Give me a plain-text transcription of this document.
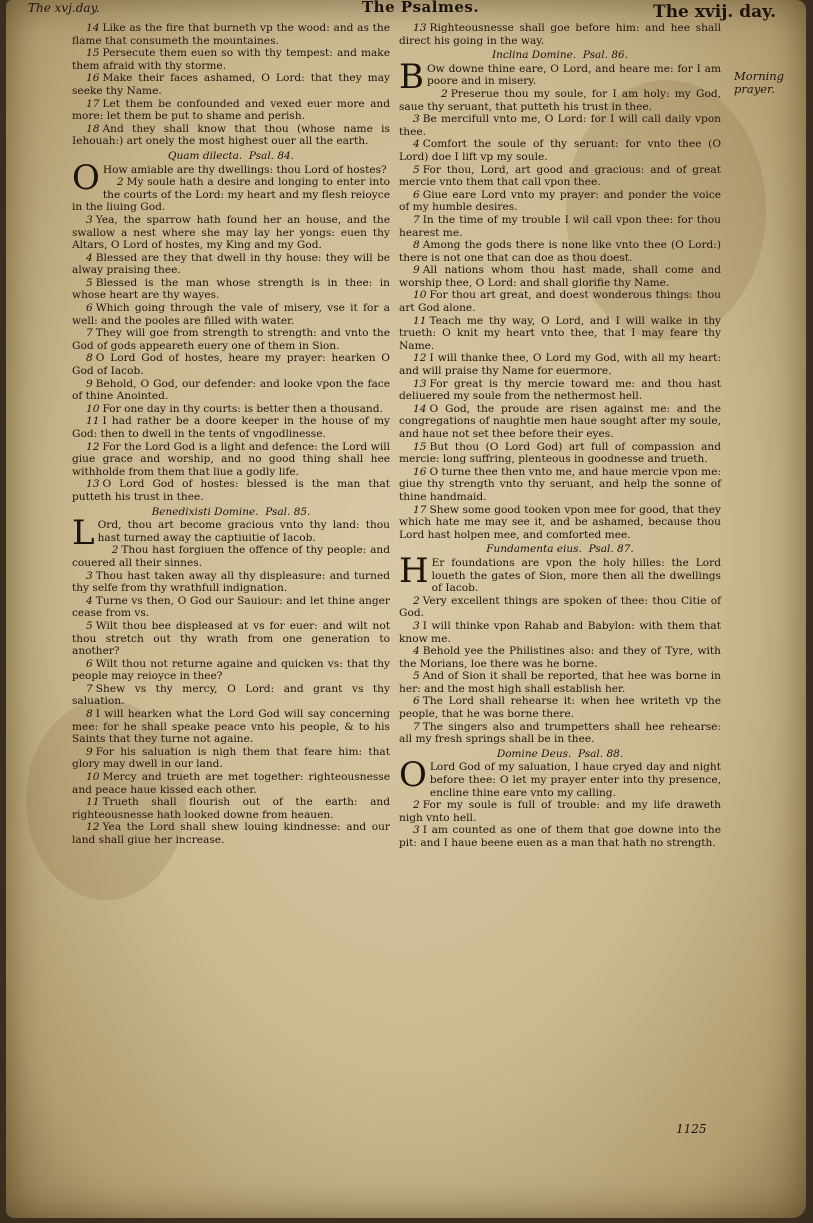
The xvj.day.	The Psalmes.	The xvij. day.
Morning prayer.

14 Like as the fire that burneth vp the wood: and as the flame that consumeth the mountaines.

15 Persecute them euen so with thy tempest: and make them afraid with thy storme.

16 Make their faces ashamed, O Lord: that they may seeke thy Name.

17 Let them be confounded and vexed euer more and more: let them be put to shame and perish.

18 And they shall know that thou (whose name is Iehouah:) art onely the most highest ouer all the earth.

Quam dilecta. Psal. 84.

O How amiable are thy dwellings: thou Lord of hostes?

2 My soule hath a desire and longing to enter into the courts of the Lord: my heart and my flesh reioyce in the liuing God.

3 Yea, the sparrow hath found her an house, and the swallow a nest where she may lay her yongs: euen thy Altars, O Lord of hostes, my King and my God.

4 Blessed are they that dwell in thy house: they will be alway praising thee.

5 Blessed is the man whose strength is in thee: in whose heart are thy wayes.

6 Which going through the vale of misery, vse it for a well: and the pooles are filled with water.

7 They will goe from strength to strength: and vnto the God of gods appeareth euery one of them in Sion.

8 O Lord God of hostes, heare my prayer: hearken O God of Iacob.

9 Behold, O God, our defender: and looke vpon the face of thine Anointed.

10 For one day in thy courts: is better then a thousand.

11 I had rather be a doore keeper in the house of my God: then to dwell in the tents of vngodlinesse.

12 For the Lord God is a light and defence: the Lord will giue grace and worship, and no good thing shall hee withholde from them that liue a godly life.

13 O Lord God of hostes: blessed is the man that putteth his trust in thee.

Benedixisti Domine. Psal. 85.

L Ord, thou art become gracious vnto thy land: thou hast turned away the captiuitie of Iacob.

2 Thou hast forgiuen the offence of thy people: and couered all their sinnes.

3 Thou hast taken away all thy displeasure: and turned thy selfe from thy wrathfull indignation.

4 Turne vs then, O God our Sauiour: and let thine anger cease from vs.

5 Wilt thou bee displeased at vs for euer: and wilt not thou stretch out thy wrath from one generation to another?

6 Wilt thou not returne againe and quicken vs: that thy people may reioyce in thee?

7 Shew vs thy mercy, O Lord: and grant vs thy saluation.

8 I will hearken what the Lord God will say concerning mee: for he shall speake peace vnto his people, & to his Saints that they turne not againe.

9 For his saluation is nigh them that feare him: that glory may dwell in our land.

10 Mercy and trueth are met together: righteousnesse and peace haue kissed each other.

11 Trueth shall flourish out of the earth: and righteousnesse hath looked downe from heauen.

12 Yea the Lord shall shew louing kindnesse: and our land shall giue her increase.

13 Righteousnesse shall goe before him: and hee shall direct his going in the way.

Inclina Domine. Psal. 86.

B Ow downe thine eare, O Lord, and heare me: for I am poore and in misery.

2 Preserue thou my soule, for I am holy: my God, saue thy seruant, that putteth his trust in thee.

3 Be mercifull vnto me, O Lord: for I will call daily vpon thee.

4 Comfort the soule of thy seruant: for vnto thee (O Lord) doe I lift vp my soule.

5 For thou, Lord, art good and gracious: and of great mercie vnto them that call vpon thee.

6 Giue eare Lord vnto my prayer: and ponder the voice of my humble desires.

7 In the time of my trouble I wil call vpon thee: for thou hearest me.

8 Among the gods there is none like vnto thee (O Lord:) there is not one that can doe as thou doest.

9 All nations whom thou hast made, shall come and worship thee, O Lord: and shall glorifie thy Name.

10 For thou art great, and doest wonderous things: thou art God alone.

11 Teach me thy way, O Lord, and I will walke in thy trueth: O knit my heart vnto thee, that I may feare thy Name.

12 I will thanke thee, O Lord my God, with all my heart: and will praise thy Name for euermore.

13 For great is thy mercie toward me: and thou hast deliuered my soule from the nethermost hell.

14 O God, the proude are risen against me: and the congregations of naughtie men haue sought after my soule, and haue not set thee before their eyes.

15 But thou (O Lord God) art full of compassion and mercie: long suffring, plenteous in goodnesse and trueth.

16 O turne thee then vnto me, and haue mercie vpon me: giue thy strength vnto thy seruant, and help the sonne of thine handmaid.

17 Shew some good tooken vpon mee for good, that they which hate me may see it, and be ashamed, because thou Lord hast holpen mee, and comforted mee.

Fundamenta eius. Psal. 87.

H Er foundations are vpon the holy hilles: the Lord loueth the gates of Sion, more then all the dwellings of Iacob.

2 Very excellent things are spoken of thee: thou Citie of God.

3 I will thinke vpon Rahab and Babylon: with them that know me.

4 Behold yee the Philistines also: and they of Tyre, with the Morians, loe there was he borne.

5 And of Sion it shall be reported, that hee was borne in her: and the most high shall establish her.

6 The Lord shall rehearse it: when hee writeth vp the people, that he was borne there.

7 The singers also and trumpetters shall hee rehearse: all my fresh springs shall be in thee.

Domine Deus. Psal. 88.

O Lord God of my saluation, I haue cryed day and night before thee: O let my prayer enter into thy presence, encline thine eare vnto my calling.

2 For my soule is full of trouble: and my life draweth nigh vnto hell.

3 I am counted as one of them that goe downe into the pit: and I haue beene euen as a man that hath no strength.

1125
